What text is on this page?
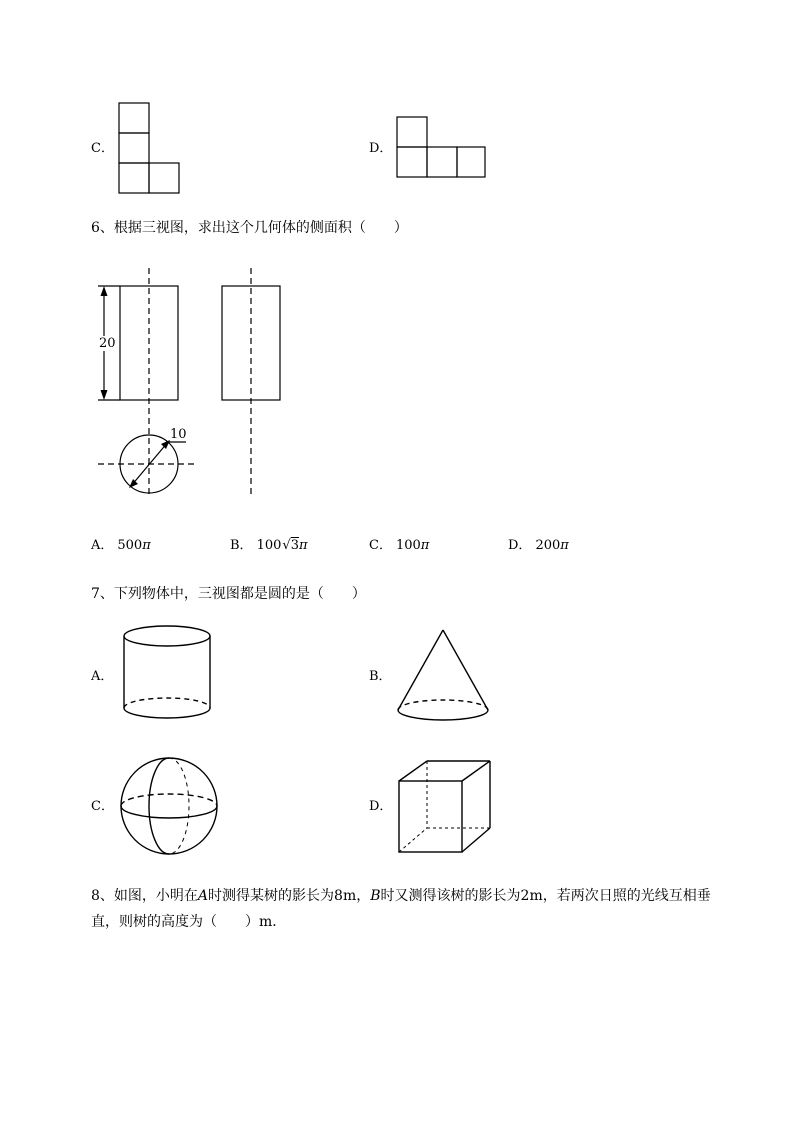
C．	D．
6、根据三视图，求出这个几何体的侧面积（　　）
20
10
A． 500π	B． 100√3π	C． 100π	D． 200π
7、下列物体中，三视图都是圆的是（　　）
A．	B．
C．	D．
8、如图，小明在A时测得某树的影长为8m，B时又测得该树的影长为2m，若两次日照的光线互相垂
直，则树的高度为（　　）m．
